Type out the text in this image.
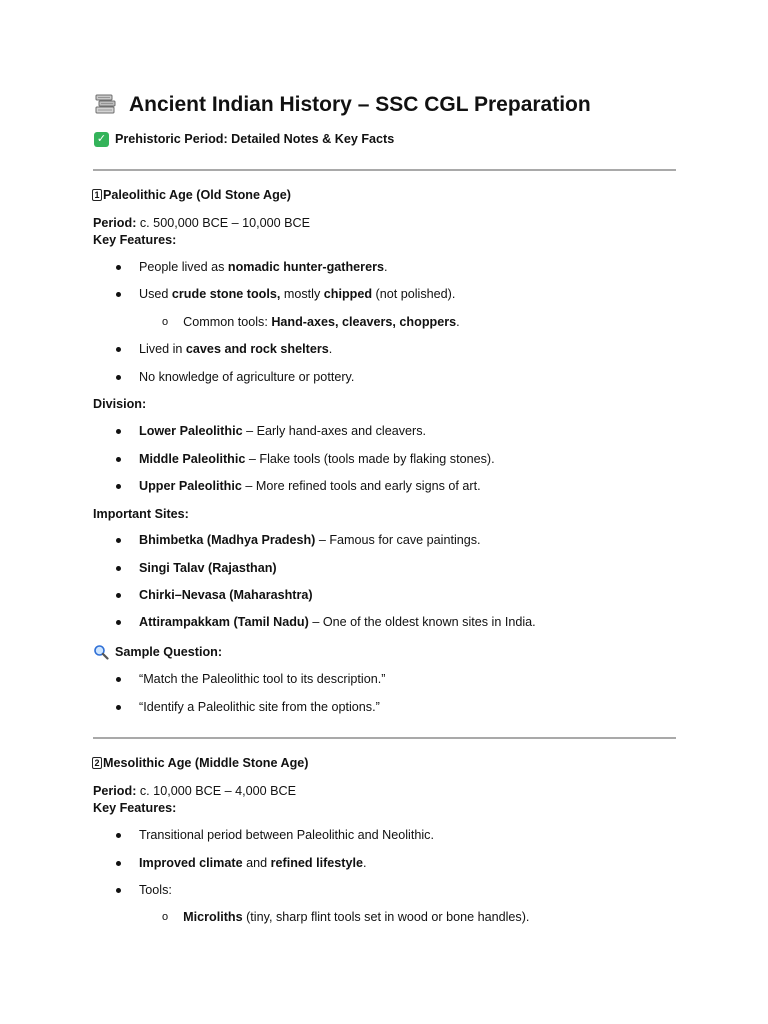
Ancient Indian History – SSC CGL Preparation
✓ Prehistoric Period: Detailed Notes & Key Facts
1 Paleolithic Age (Old Stone Age)
Period: c. 500,000 BCE – 10,000 BCE
Key Features:
People lived as nomadic hunter-gatherers .
Used crude stone tools, mostly chipped (not polished).
o Common tools: Hand-axes, cleavers, choppers .
Lived in caves and rock shelters .
No knowledge of agriculture or pottery.
Division:
Lower Paleolithic – Early hand-axes and cleavers.
Middle Paleolithic – Flake tools (tools made by flaking stones).
Upper Paleolithic – More refined tools and early signs of art.
Important Sites:
Bhimbetka (Madhya Pradesh) – Famous for cave paintings.
Singi Talav (Rajasthan)
Chirki–Nevasa (Maharashtra)
Attirampakkam (Tamil Nadu) – One of the oldest known sites in India.
Sample Question:
“Match the Paleolithic tool to its description.”
“Identify a Paleolithic site from the options.”
2 Mesolithic Age (Middle Stone Age)
Period: c. 10,000 BCE – 4,000 BCE
Key Features:
Transitional period between Paleolithic and Neolithic.
Improved climate and refined lifestyle .
Tools:
o Microliths (tiny, sharp flint tools set in wood or bone handles).
